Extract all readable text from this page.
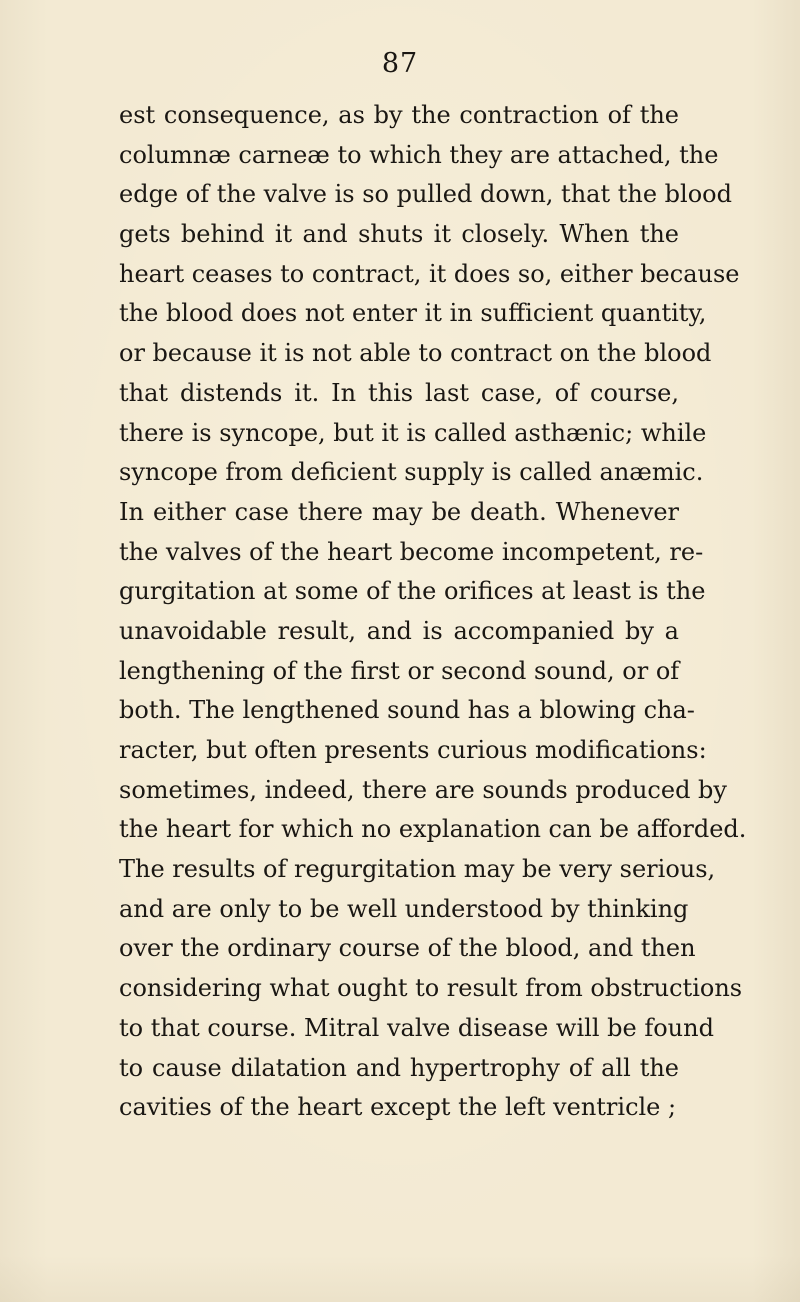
87
est consequence, as by the contraction of the
columnæ carneæ to which they are attached, the
edge of the valve is so pulled down, that the blood
gets behind it and shuts it closely. When the
heart ceases to contract, it does so, either because
the blood does not enter it in sufficient quantity,
or because it is not able to contract on the blood
that distends it. In this last case, of course,
there is syncope, but it is called asthænic; while
syncope from deficient supply is called anæmic.
In either case there may be death. Whenever
the valves of the heart become incompetent, re-
gurgitation at some of the orifices at least is the
unavoidable result, and is accompanied by a
lengthening of the first or second sound, or of
both. The lengthened sound has a blowing cha-
racter, but often presents curious modifications:
sometimes, indeed, there are sounds produced by
the heart for which no explanation can be afforded.
The results of regurgitation may be very serious,
and are only to be well understood by thinking
over the ordinary course of the blood, and then
considering what ought to result from obstructions
to that course. Mitral valve disease will be found
to cause dilatation and hypertrophy of all the
cavities of the heart except the left ventricle ;
